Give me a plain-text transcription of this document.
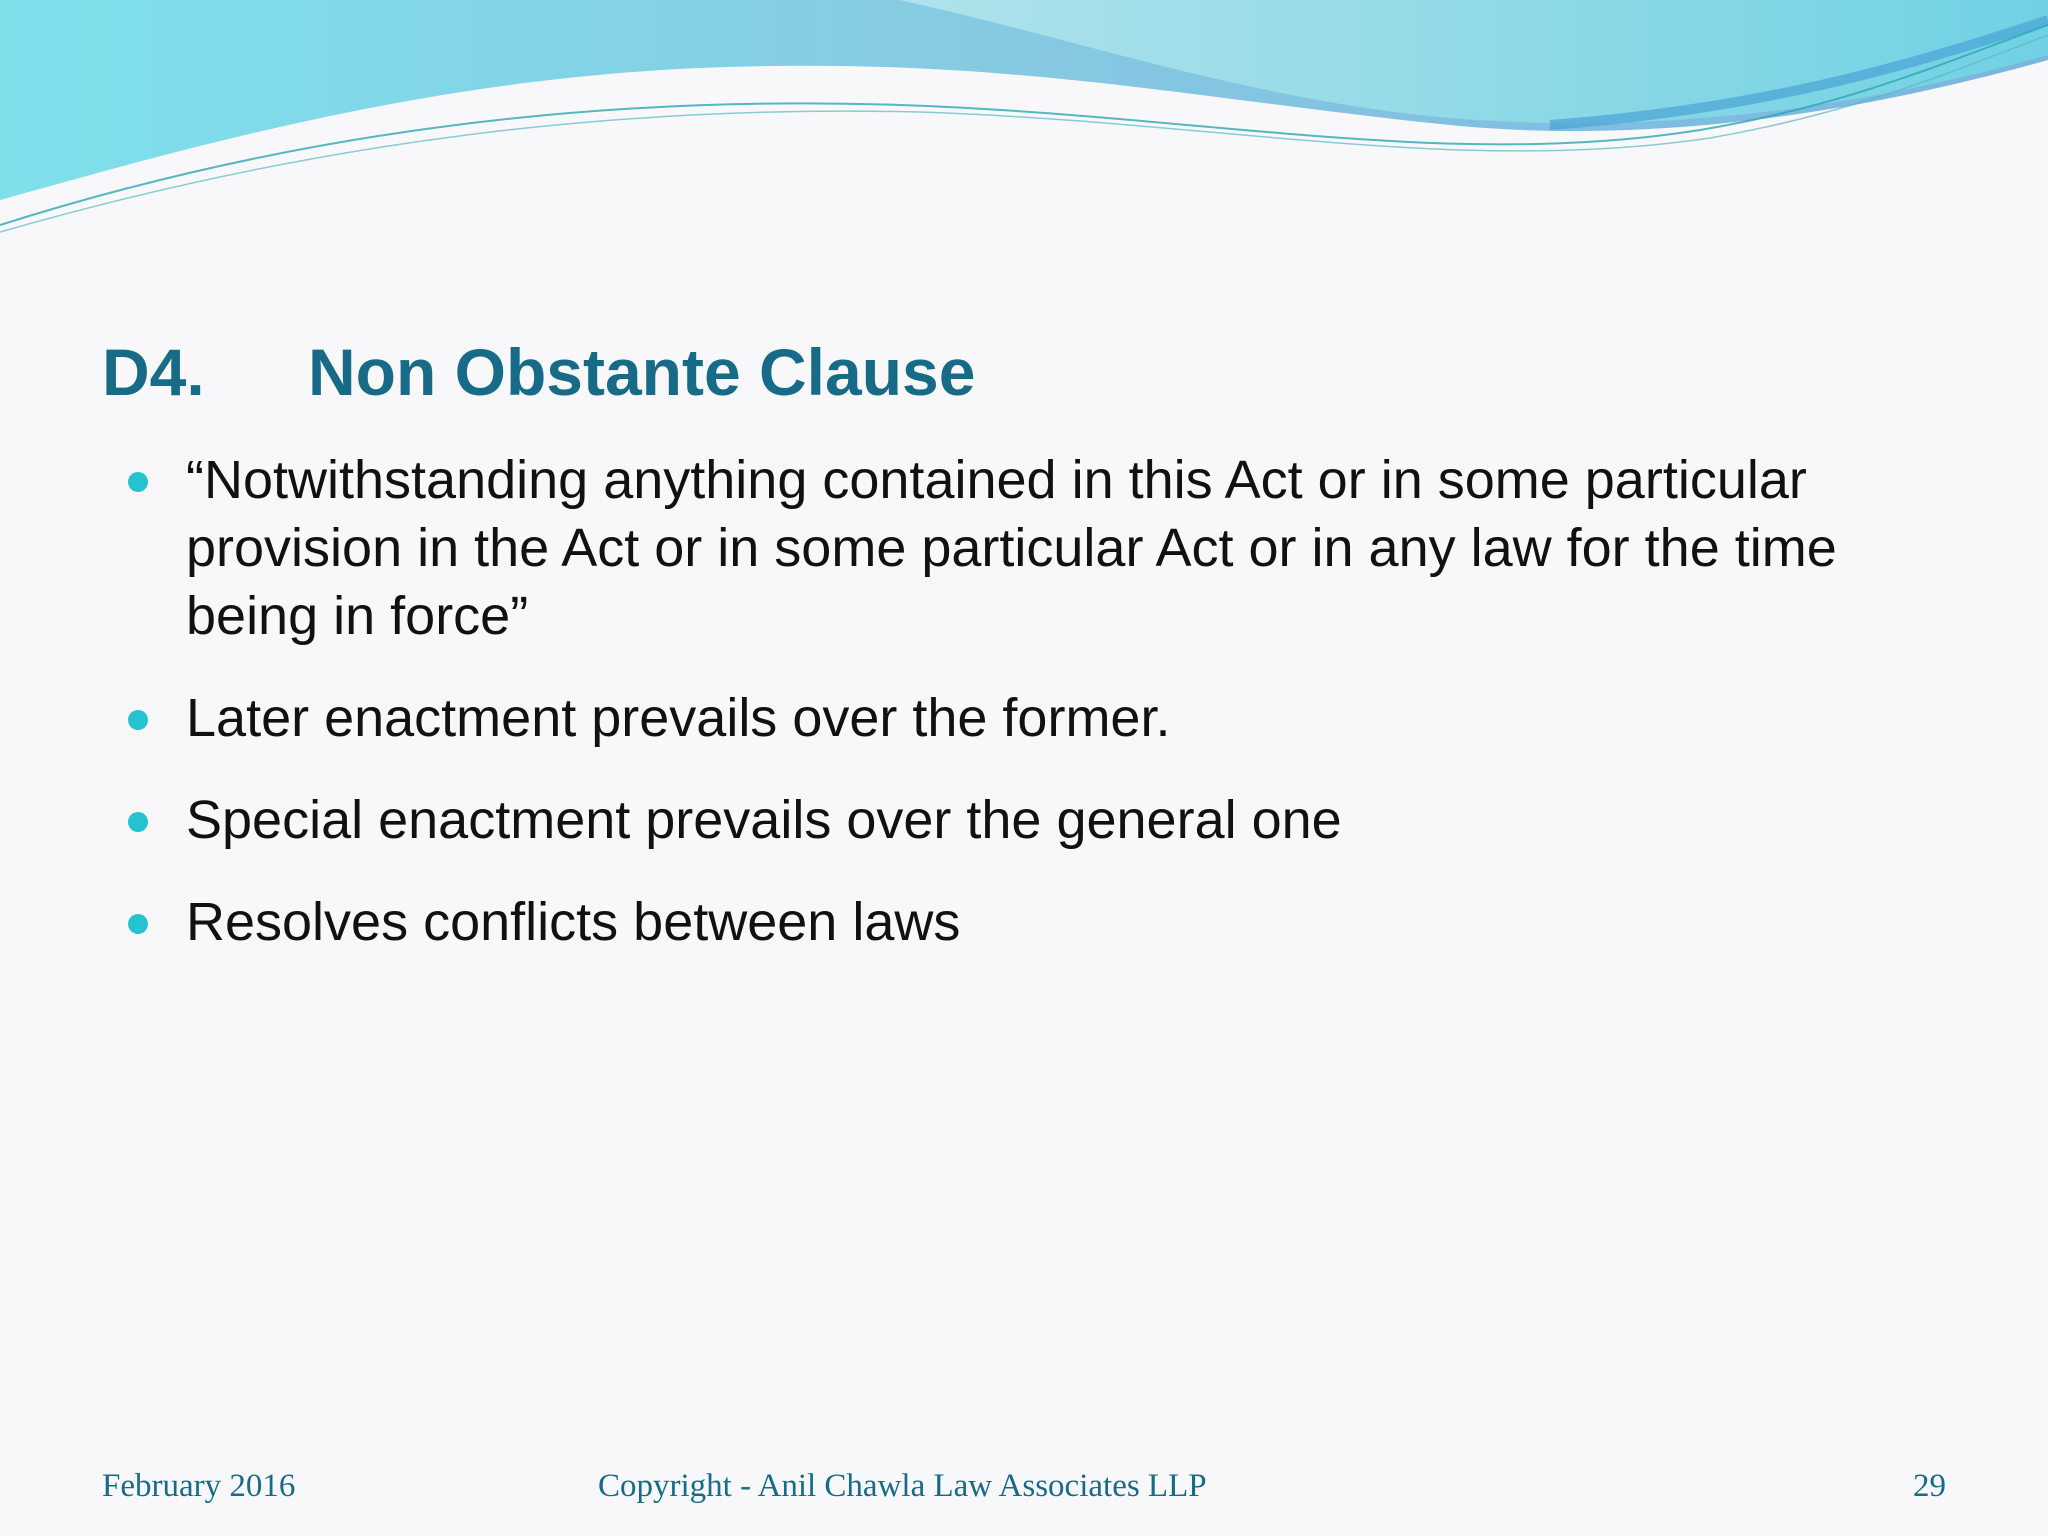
D4. Non Obstante Clause
“Notwithstanding anything contained in this Act or in some particular provision in the Act or in some particular Act or in any law for the time being in force”
Later enactment prevails over the former.
Special enactment prevails over the general one
Resolves conflicts between laws
February 2016	Copyright - Anil Chawla Law Associates LLP	29
